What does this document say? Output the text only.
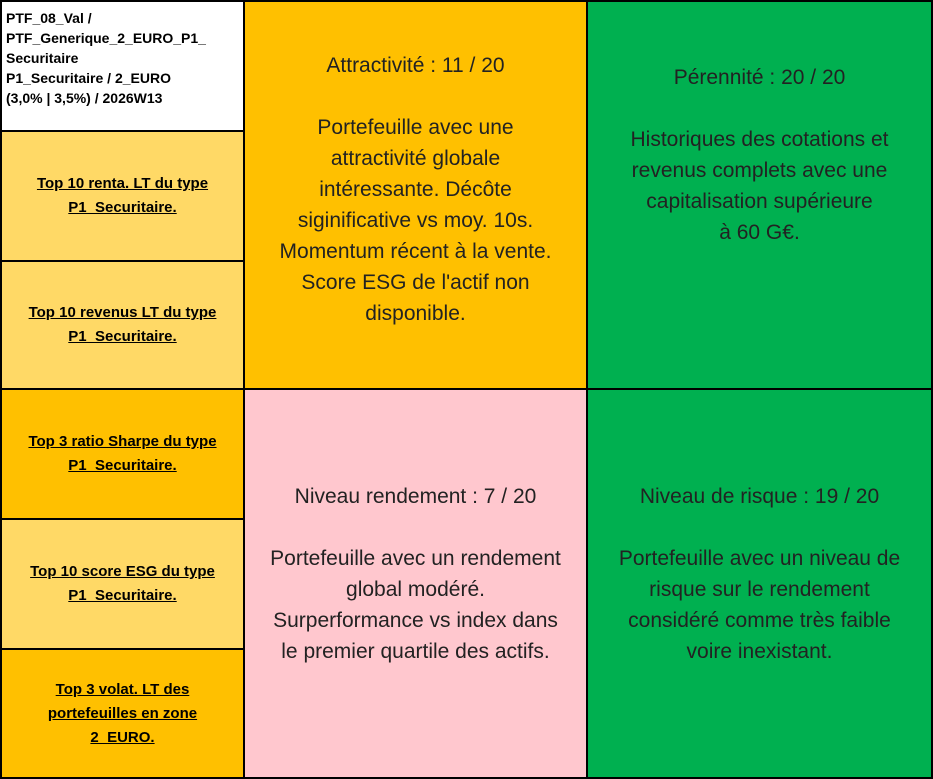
PTF_08_Val /
PTF_Generique_2_EURO_P1_
Securitaire
P1_Securitaire / 2_EURO
(3,0% | 3,5%) / 2026W13
Top 10 renta. LT du type
P1_Securitaire.
Top 10 revenus LT du type
P1_Securitaire.
Top 3 ratio Sharpe du type
P1_Securitaire.
Top 10 score ESG du type
P1_Securitaire.
Top 3 volat. LT des
portefeuilles en zone
2_EURO.
Attractivité : 11 / 20
Portefeuille avec une
attractivité globale
intéressante. Décôte
siginificative vs moy. 10s.
Momentum récent à la vente.
Score ESG de l'actif non
disponible.
Pérennité : 20 / 20
Historiques des cotations et
revenus complets avec une
capitalisation supérieure
à 60 G€.
Niveau rendement : 7 / 20
Portefeuille avec un rendement
global modéré.
Surperformance vs index dans
le premier quartile des actifs.
Niveau de risque : 19 / 20
Portefeuille avec un niveau de
risque sur le rendement
considéré comme très faible
voire inexistant.
